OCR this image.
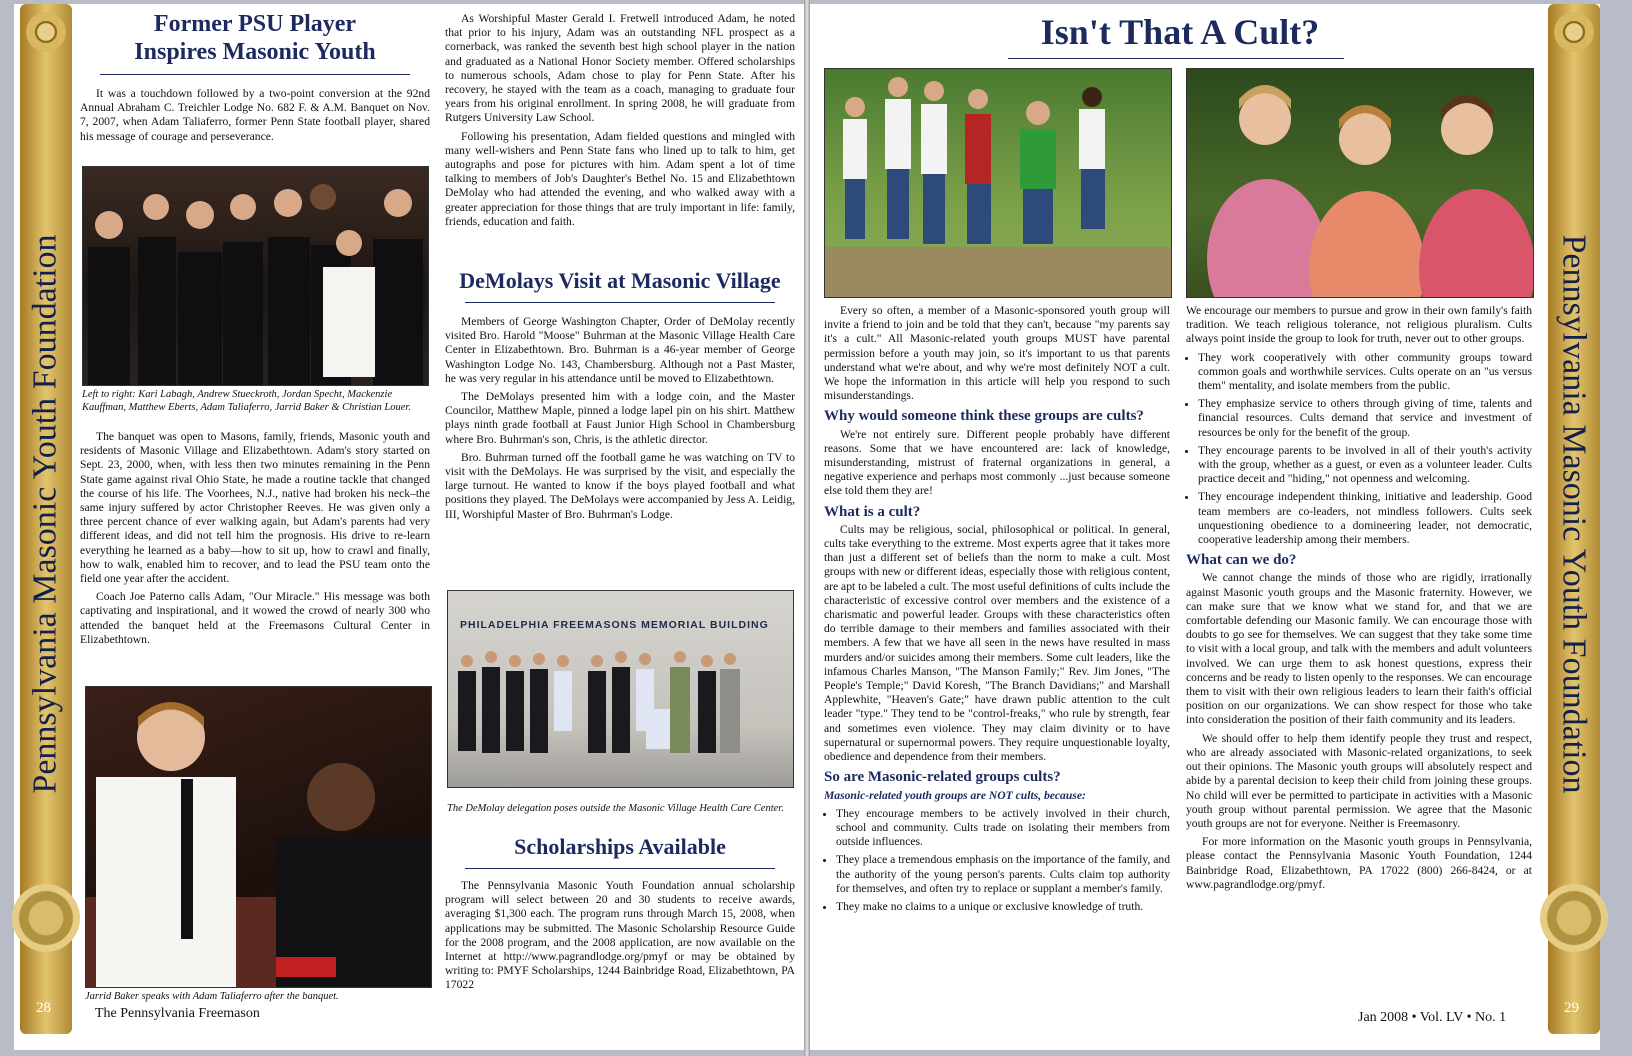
Pennsylvania Masonic Youth Foundation
28
Pennsylvania Masonic Youth Foundation
29
Former PSU Player
Inspires Masonic Youth

It was a touchdown followed by a two-point conversion at the 92nd Annual Abraham C. Treichler Lodge No. 682 F. & A.M. Banquet on Nov. 7, 2007, when Adam Taliaferro, former Penn State football player, shared his message of courage and perseverance.

Left to right: Kari Labagh, Andrew Stueckroth, Jordan Specht, Mackenzie Kauffman, Matthew Eberts, Adam Taliaferro, Jarrid Baker & Christian Louer.

The banquet was open to Masons, family, friends, Masonic youth and residents of Masonic Village and Elizabethtown. Adam's story started on Sept. 23, 2000, when, with less then two minutes remaining in the Penn State game against rival Ohio State, he made a routine tackle that changed the course of his life. The Voorhees, N.J., native had broken his neck–the same injury suffered by actor Christopher Reeves. He was given only a three percent chance of ever walking again, but Adam's parents had very different ideas, and did not tell him the prognosis. His drive to re-learn everything he learned as a baby—how to sit up, how to crawl and finally, how to walk, enabled him to recover, and to lead the PSU team onto the field one year after the accident.

Coach Joe Paterno calls Adam, "Our Miracle." His message was both captivating and inspirational, and it wowed the crowd of nearly 300 who attended the banquet held at the Freemasons Cultural Center in Elizabethtown.

Jarrid Baker speaks with Adam Taliaferro after the banquet.
The Pennsylvania Freemason

As Worshipful Master Gerald I. Fretwell introduced Adam, he noted that prior to his injury, Adam was an outstanding NFL prospect as a cornerback, was ranked the seventh best high school player in the nation and graduated as a National Honor Society member. Offered scholarships to numerous schools, Adam chose to play for Penn State. After his recovery, he stayed with the team as a coach, managing to graduate four years from his original enrollment. In spring 2008, he will graduate from Rutgers University Law School.

Following his presentation, Adam fielded questions and mingled with many well-wishers and Penn State fans who lined up to talk to him, get autographs and pose for pictures with him. Adam spent a lot of time talking to members of Job's Daughter's Bethel No. 15 and Elizabethtown DeMolay who had attended the evening, and who walked away with a greater appreciation for those things that are truly important in life: family, friends, education and faith.

DeMolays Visit at Masonic Village

Members of George Washington Chapter, Order of DeMolay recently visited Bro. Harold "Moose" Buhrman at the Masonic Village Health Care Center in Elizabethtown. Bro. Buhrman is a 46-year member of George Washington Lodge No. 143, Chambersburg. Although not a Past Master, he was very regular in his attendance until be moved to Elizabethtown.

The DeMolays presented him with a lodge coin, and the Master Councilor, Matthew Maple, pinned a lodge lapel pin on his shirt. Matthew plays ninth grade football at Faust Junior High School in Chambersburg where Bro. Buhrman's son, Chris, is the athletic director.

Bro. Buhrman turned off the football game he was watching on TV to visit with the DeMolays. He was surprised by the visit, and especially the large turnout. He wanted to know if the boys played football and what positions they played. The DeMolays were accompanied by Jess A. Leidig, III, Worshipful Master of Bro. Buhrman's Lodge.

PHILADELPHIA FREEMASONS MEMORIAL BUILDING
The DeMolay delegation poses outside the Masonic Village Health Care Center.
Scholarships Available

The Pennsylvania Masonic Youth Foundation annual scholarship program will select between 20 and 30 students to receive awards, averaging $1,300 each. The program runs through March 15, 2008, when applications may be submitted. The Masonic Scholarship Resource Guide for the 2008 program, and the 2008 application, are now available on the Internet at http://www.pagrandlodge.org/pmyf or may be obtained by writing to: PMYF Scholarships, 1244 Bainbridge Road, Elizabethtown, PA 17022

Isn't That A Cult?

Every so often, a member of a Masonic-sponsored youth group will invite a friend to join and be told that they can't, because "my parents say it's a cult." All Masonic-related youth groups MUST have parental permission before a youth may join, so it's important to us that parents understand what we're about, and why we're most definitely NOT a cult. We hope the information in this article will help you respond to such misunderstandings.

Why would someone think these groups are cults?

We're not entirely sure. Different people probably have different reasons. Some that we have encountered are: lack of knowledge, misunderstanding, mistrust of fraternal organizations in general, a negative experience and perhaps most commonly ...just because someone else told them they are!

What is a cult?

Cults may be religious, social, philosophical or political. In general, cults take everything to the extreme. Most experts agree that it takes more than just a different set of beliefs than the norm to make a cult. Most groups with new or different ideas, especially those with religious content, are apt to be labeled a cult. The most useful definitions of cults include the characteristic of excessive control over members and the existence of a charismatic and powerful leader. Groups with these characteristics often do terrible damage to their members and families associated with their members. A few that we have all seen in the news have resulted in mass murders and/or suicides among their members. Some cult leaders, like the infamous Charles Manson, "The Manson Family;" Rev. Jim Jones, "The People's Temple;" David Koresh, "The Branch Davidians;" and Marshall Applewhite, "Heaven's Gate;" have drawn public attention to the cult leader "type." They tend to be "control-freaks," who rule by strength, fear and sometimes even violence. They may claim divinity or to have supernatural or supernormal powers. They require unquestionable loyalty, obedience and dependence from their members.

So are Masonic-related groups cults?
Masonic-related youth groups are NOT cults, because:
• They encourage members to be actively involved in their church, school and community. Cults trade on isolating their members from outside influences.
• They place a tremendous emphasis on the importance of the family, and the authority of the young person's parents. Cults claim top authority for themselves, and often try to replace or supplant a member's family.
• They make no claims to a unique or exclusive knowledge of truth.

We encourage our members to pursue and grow in their own family's faith tradition. We teach religious tolerance, not religious pluralism. Cults always point inside the group to look for truth, never out to other groups.

• They work cooperatively with other community groups toward common goals and worthwhile services. Cults operate on an "us versus them" mentality, and isolate members from the public.
• They emphasize service to others through giving of time, talents and financial resources. Cults demand that service and investment of resources be only for the benefit of the group.
• They encourage parents to be involved in all of their youth's activity with the group, whether as a guest, or even as a volunteer leader. Cults practice deceit and "hiding," not openness and welcoming.
• They encourage independent thinking, initiative and leadership. Good team members are co-leaders, not mindless followers. Cults seek unquestioning obedience to a domineering leader, not democratic, cooperative leadership among their members.
What can we do?

We cannot change the minds of those who are rigidly, irrationally against Masonic youth groups and the Masonic fraternity. However, we can make sure that we know what we stand for, and that we are comfortable defending our Masonic family. We can encourage those with doubts to go see for themselves. We can suggest that they take some time to visit with a local group, and talk with the members and adult volunteers involved. We can urge them to ask honest questions, express their concerns and be ready to listen openly to the responses. We can encourage them to visit with their own religious leaders to learn their faith's official position on our organizations. We can show respect for those who take into consideration the position of their faith community and its leaders.

We should offer to help them identify people they trust and respect, who are already associated with Masonic-related organizations, to seek out their opinions. The Masonic youth groups will absolutely respect and abide by a parental decision to keep their child from joining these groups. No child will ever be permitted to participate in activities with a Masonic youth group without parental permission. We agree that the Masonic youth groups are not for everyone. Neither is Freemasonry.

For more information on the Masonic youth groups in Pennsylvania, please contact the Pennsylvania Masonic Youth Foundation, 1244 Bainbridge Road, Elizabethtown, PA 17022 (800) 266-8424, or at www.pagrandlodge.org/pmyf.

Jan 2008 • Vol. LV • No. 1
